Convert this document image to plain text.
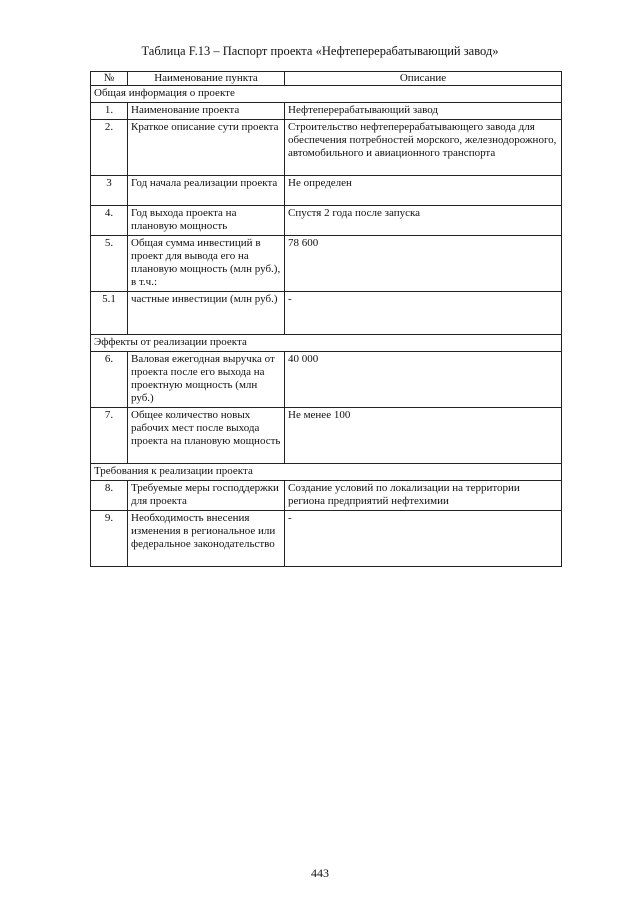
Таблица F.13 – Паспорт проекта «Нефтеперерабатывающий завод»
№	Наименование пункта	Описание
Общая информация о проекте		
1.	Наименование проекта	Нефтеперерабатывающий завод
2.	Краткое описание сути проекта	Строительство нефтеперерабатывающего завода для обеспечения потребностей морского, железнодорожного, автомобильного и авиационного транспорта
3	Год начала реализации проекта	Не определен
4.	Год выхода проекта на плановую мощность	Спустя 2 года после запуска
5.	Общая сумма инвестиций в проект для вывода его на плановую мощность (млн руб.), в т.ч.:	78 600
5.1	частные инвестиции (млн руб.)	-
Эффекты от реализации проекта		
6.	Валовая ежегодная выручка от проекта после его выхода на проектную мощность (млн руб.)	40 000
7.	Общее количество новых рабочих мест после выхода проекта на плановую мощность	Не менее 100
Требования к реализации проекта		
8.	Требуемые меры господдержки для проекта	Создание условий по локализации на территории региона предприятий нефтехимии
9.	Необходимость внесения изменения в региональное или федеральное законодательство	-
443
